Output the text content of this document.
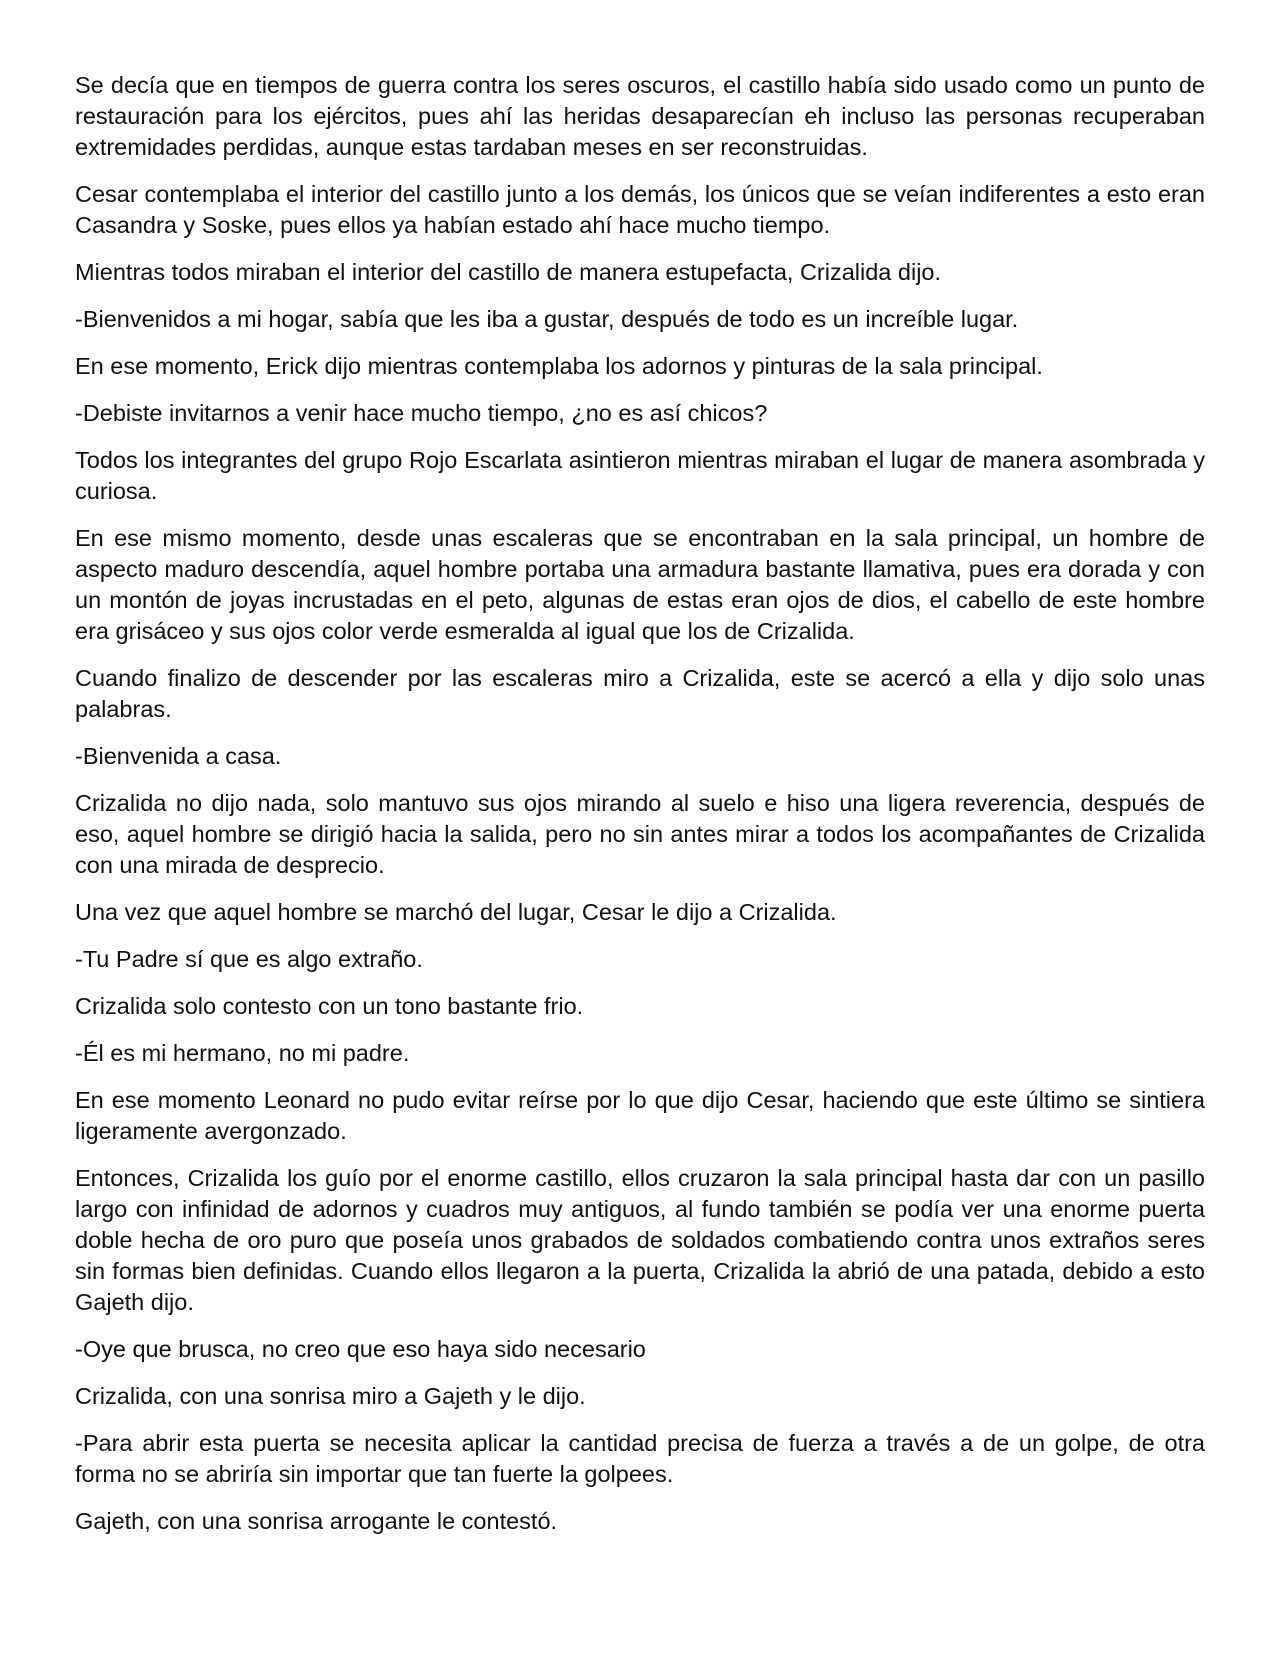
Se decía que en tiempos de guerra contra los seres oscuros, el castillo había sido usado como un punto de restauración para los ejércitos, pues ahí las heridas desaparecían eh incluso las personas recuperaban extremidades perdidas, aunque estas tardaban meses en ser reconstruidas.

Cesar contemplaba el interior del castillo junto a los demás, los únicos que se veían indiferentes a esto eran Casandra y Soske, pues ellos ya habían estado ahí hace mucho tiempo.

Mientras todos miraban el interior del castillo de manera estupefacta, Crizalida dijo.

-Bienvenidos a mi hogar, sabía que les iba a gustar, después de todo es un increíble lugar.

En ese momento, Erick dijo mientras contemplaba los adornos y pinturas de la sala principal.

-Debiste invitarnos a venir hace mucho tiempo, ¿no es así chicos?

Todos los integrantes del grupo Rojo Escarlata asintieron mientras miraban el lugar de manera asombrada y curiosa.

En ese mismo momento, desde unas escaleras que se encontraban en la sala principal, un hombre de aspecto maduro descendía, aquel hombre portaba una armadura bastante llamativa, pues era dorada y con un montón de joyas incrustadas en el peto, algunas de estas eran ojos de dios, el cabello de este hombre era grisáceo y sus ojos color verde esmeralda al igual que los de Crizalida.

Cuando finalizo de descender por las escaleras miro a Crizalida, este se acercó a ella y dijo solo unas palabras.

-Bienvenida a casa.

Crizalida no dijo nada, solo mantuvo sus ojos mirando al suelo e hiso una ligera reverencia, después de eso, aquel hombre se dirigió hacia la salida, pero no sin antes mirar a todos los acompañantes de Crizalida con una mirada de desprecio.

Una vez que aquel hombre se marchó del lugar, Cesar le dijo a Crizalida.

-Tu Padre sí que es algo extraño.

Crizalida solo contesto con un tono bastante frio.

-Él es mi hermano, no mi padre.

En ese momento Leonard no pudo evitar reírse por lo que dijo Cesar, haciendo que este último se sintiera ligeramente avergonzado.

Entonces, Crizalida los guío por el enorme castillo, ellos cruzaron la sala principal hasta dar con un pasillo largo con infinidad de adornos y cuadros muy antiguos, al fundo también se podía ver una enorme puerta doble hecha de oro puro que poseía unos grabados de soldados combatiendo contra unos extraños seres sin formas bien definidas. Cuando ellos llegaron a la puerta, Crizalida la abrió de una patada, debido a esto Gajeth dijo.

-Oye que brusca, no creo que eso haya sido necesario

Crizalida, con una sonrisa miro a Gajeth y le dijo.

-Para abrir esta puerta se necesita aplicar la cantidad precisa de fuerza a través a de un golpe, de otra forma no se abriría sin importar que tan fuerte la golpees.

Gajeth, con una sonrisa arrogante le contestó.
